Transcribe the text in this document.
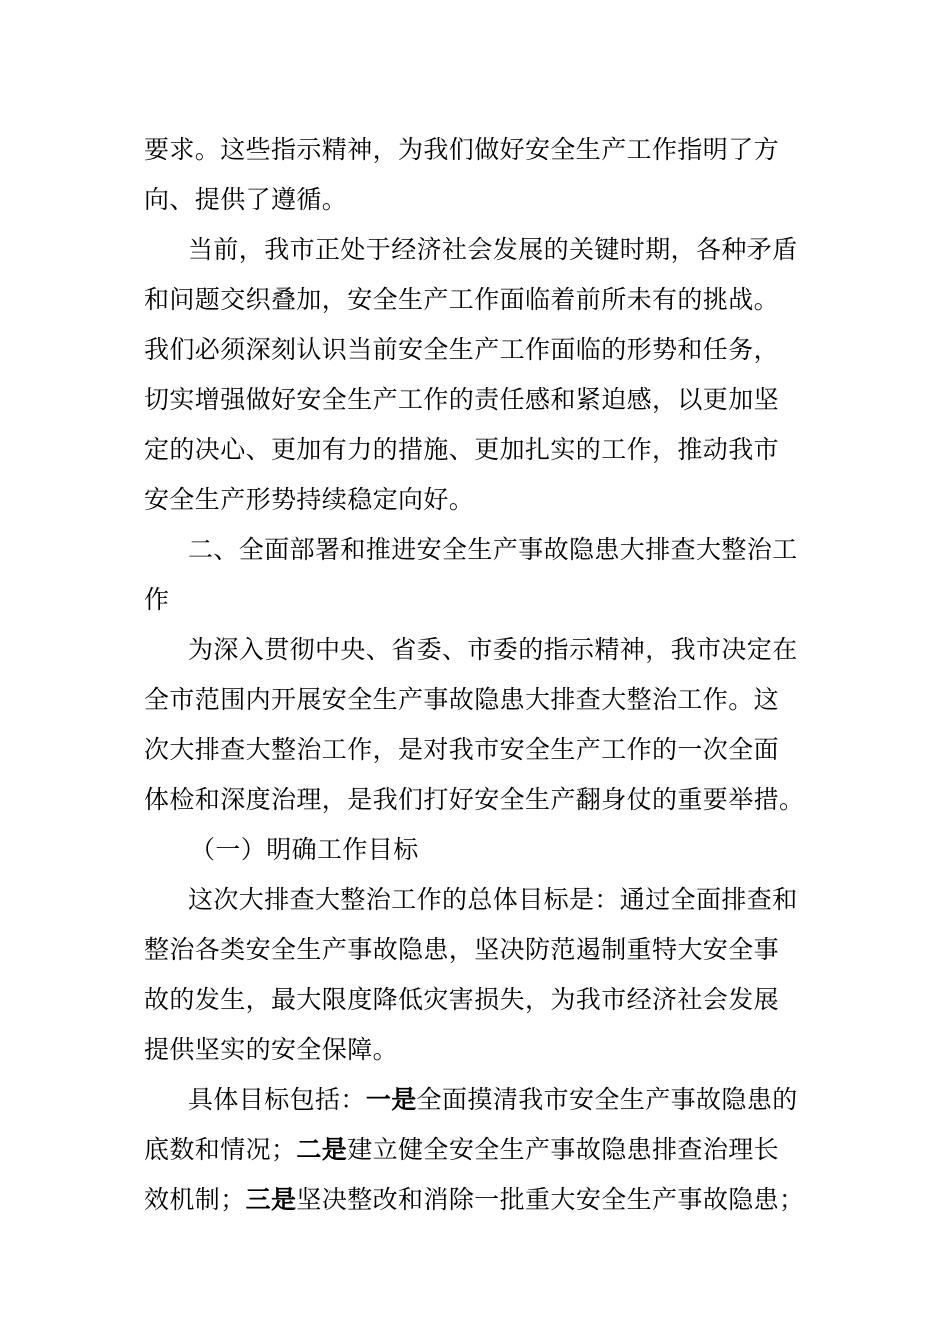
要求。这些指示精神，为我们做好安全生产工作指明了方
向、提供了遵循。
当前，我市正处于经济社会发展的关键时期，各种矛盾
和问题交织叠加，安全生产工作面临着前所未有的挑战。
我们必须深刻认识当前安全生产工作面临的形势和任务，
切实增强做好安全生产工作的责任感和紧迫感，以更加坚
定的决心、更加有力的措施、更加扎实的工作，推动我市
安全生产形势持续稳定向好。
二、全面部署和推进安全生产事故隐患大排查大整治工
作
为深入贯彻中央、省委、市委的指示精神，我市决定在
全市范围内开展安全生产事故隐患大排查大整治工作。这
次大排查大整治工作，是对我市安全生产工作的一次全面
体检和深度治理，是我们打好安全生产翻身仗的重要举措。
（一）明确工作目标
这次大排查大整治工作的总体目标是：通过全面排查和
整治各类安全生产事故隐患，坚决防范遏制重特大安全事
故的发生，最大限度降低灾害损失，为我市经济社会发展
提供坚实的安全保障。
具体目标包括：一是全面摸清我市安全生产事故隐患的
底数和情况；二是建立健全安全生产事故隐患排查治理长
效机制；三是坚决整改和消除一批重大安全生产事故隐患；
